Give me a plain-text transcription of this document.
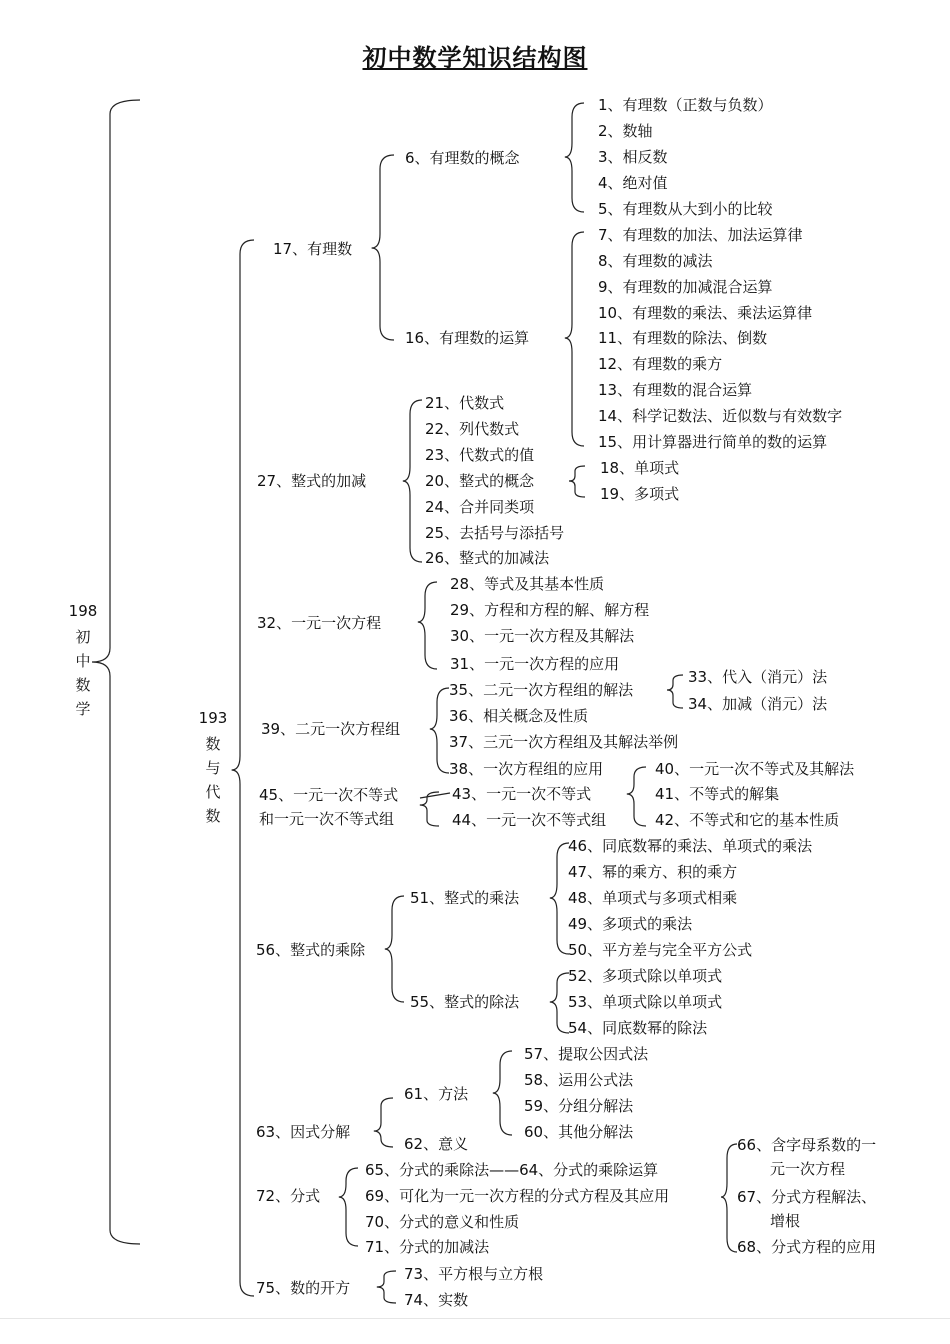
初中数学知识结构图
198
初
中
数
学	193
数
与
代
数
17、有理数
6、有理数的概念
1、有理数（正数与负数）
2、数轴
3、相反数
4、绝对值
5、有理数从大到小的比较
16、有理数的运算
7、有理数的加法、加法运算律
8、有理数的减法
9、有理数的加减混合运算
10、有理数的乘法、乘法运算律
11、有理数的除法、倒数
12、有理数的乘方
13、有理数的混合运算
14、科学记数法、近似数与有效数字
15、用计算器进行简单的数的运算
27、整式的加减
21、代数式
22、列代数式
23、代数式的值
20、整式的概念
18、单项式
19、多项式
24、合并同类项
25、去括号与添括号
26、整式的加减法
32、一元一次方程
28、等式及其基本性质
29、方程和方程的解、解方程
30、一元一次方程及其解法
31、一元一次方程的应用
39、二元一次方程组
35、二元一次方程组的解法
33、代入（消元）法
34、加减（消元）法
36、相关概念及性质
37、三元一次方程组及其解法举例
38、一次方程组的应用
45、一元一次不等式
和一元一次不等式组
43、一元一次不等式
44、一元一次不等式组
40、一元一次不等式及其解法
41、不等式的解集
42、不等式和它的基本性质
56、整式的乘除
51、整式的乘法
46、同底数幂的乘法、单项式的乘法
47、幂的乘方、积的乘方
48、单项式与多项式相乘
49、多项式的乘法
50、平方差与完全平方公式
55、整式的除法
52、多项式除以单项式
53、单项式除以单项式
54、同底数幂的除法
63、因式分解
61、方法
62、意义
57、提取公因式法
58、运用公式法
59、分组分解法
60、其他分解法
72、分式
65、分式的乘除法——64、分式的乘除运算
69、可化为一元一次方程的分式方程及其应用
70、分式的意义和性质
71、分式的加减法
66、含字母系数的一
元一次方程
67、分式方程解法、
增根
68、分式方程的应用
75、数的开方
73、平方根与立方根
74、实数
